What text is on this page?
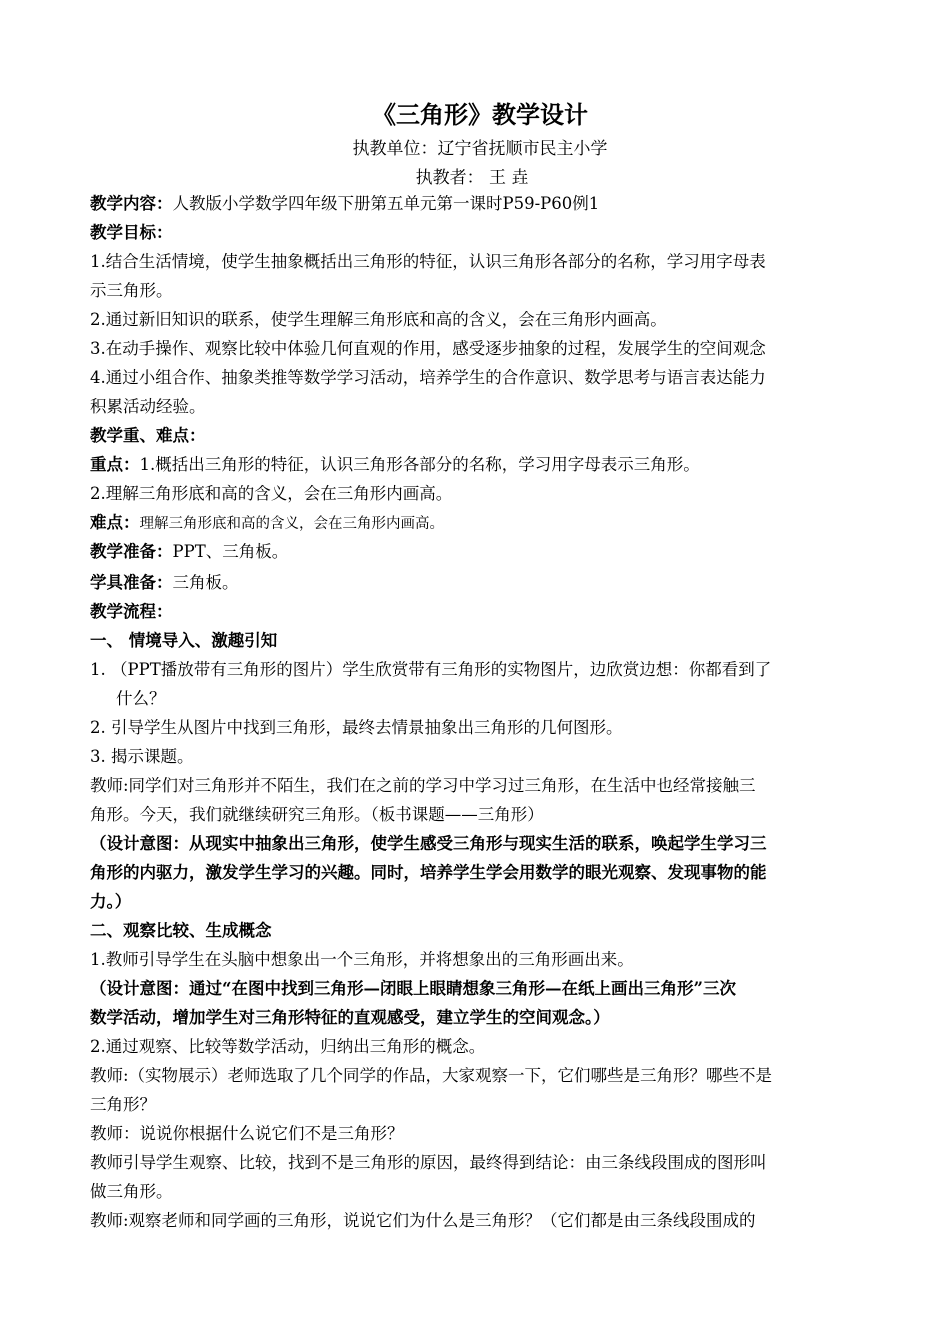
《三角形》教学设计
执教单位：辽宁省抚顺市民主小学
执教者： 王 垚
教学内容：人教版小学数学四年级下册第五单元第一课时P59-P60例1
教学目标：
1.结合生活情境，使学生抽象概括出三角形的特征，认识三角形各部分的名称，学习用字母表
示三角形。
2.通过新旧知识的联系，使学生理解三角形底和高的含义，会在三角形内画高。
3.在动手操作、观察比较中体验几何直观的作用，感受逐步抽象的过程，发展学生的空间观念
4.通过小组合作、抽象类推等数学学习活动，培养学生的合作意识、数学思考与语言表达能力
积累活动经验。
教学重、难点：
重点：1.概括出三角形的特征，认识三角形各部分的名称，学习用字母表示三角形。
2.理解三角形底和高的含义，会在三角形内画高。
难点：理解三角形底和高的含义，会在三角形内画高。
教学准备：PPT、三角板。
学具准备：三角板。
教学流程：
一、 情境导入、激趣引知
1. （PPT播放带有三角形的图片）学生欣赏带有三角形的实物图片，边欣赏边想：你都看到了
什么？
2. 引导学生从图片中找到三角形，最终去情景抽象出三角形的几何图形。
3. 揭示课题。
教师:同学们对三角形并不陌生，我们在之前的学习中学习过三角形，在生活中也经常接触三
角形。今天，我们就继续研究三角形。（板书课题——三角形）
（设计意图：从现实中抽象出三角形，使学生感受三角形与现实生活的联系，唤起学生学习三
角形的内驱力，激发学生学习的兴趣。同时，培养学生学会用数学的眼光观察、发现事物的能
力。）
二、观察比较、生成概念
1.教师引导学生在头脑中想象出一个三角形，并将想象出的三角形画出来。
（设计意图：通过“在图中找到三角形—闭眼上眼睛想象三角形—在纸上画出三角形”三次
数学活动，增加学生对三角形特征的直观感受，建立学生的空间观念。）
2.通过观察、比较等数学活动，归纳出三角形的概念。
教师:（实物展示）老师选取了几个同学的作品，大家观察一下，它们哪些是三角形？哪些不是
三角形？
教师：说说你根据什么说它们不是三角形？
教师引导学生观察、比较，找到不是三角形的原因，最终得到结论：由三条线段围成的图形叫
做三角形。
教师:观察老师和同学画的三角形，说说它们为什么是三角形？（它们都是由三条线段围成的
